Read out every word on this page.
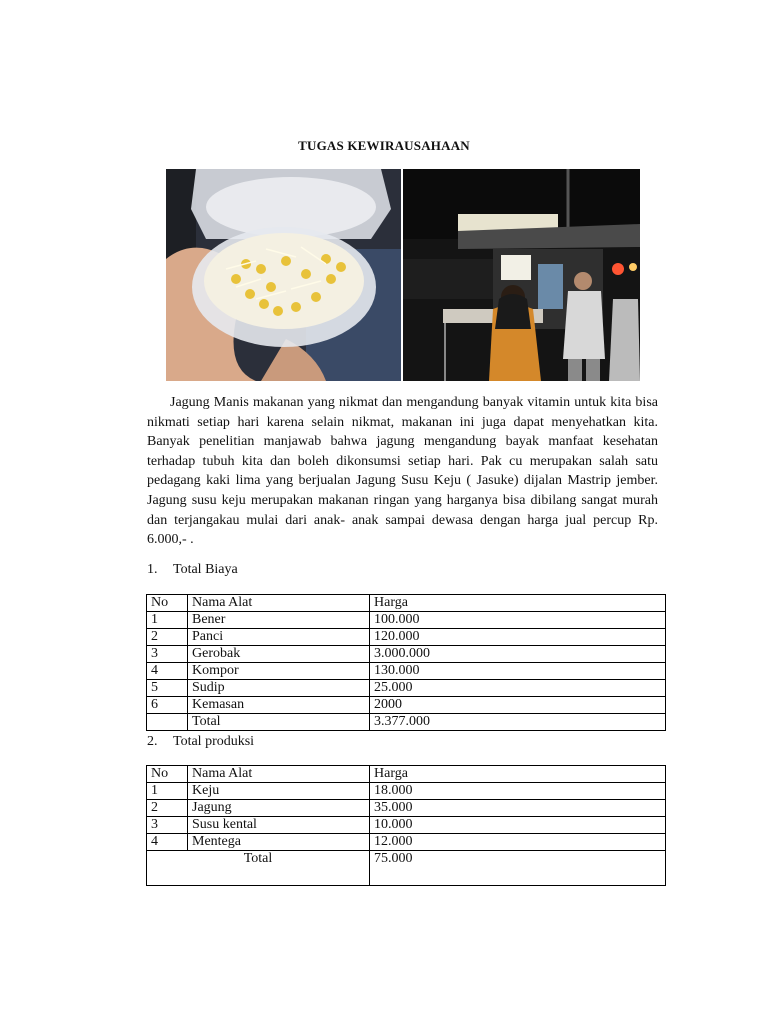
TUGAS KEWIRAUSAHAAN

Jagung Manis makanan yang nikmat dan mengandung banyak vitamin untuk kita bisa nikmati setiap hari karena selain nikmat, makanan ini juga dapat menyehatkan kita. Banyak penelitian manjawab bahwa jagung mengandung bayak manfaat kesehatan terhadap tubuh kita dan boleh dikonsumsi setiap hari. Pak cu merupakan salah satu pedagang kaki lima yang berjualan Jagung Susu Keju ( Jasuke) dijalan Mastrip jember. Jagung susu keju merupakan makanan ringan yang harganya bisa dibilang sangat murah dan terjangakau mulai dari anak- anak sampai dewasa dengan harga jual percup Rp. 6.000,- .

1. Total Biaya
No	Nama Alat	Harga
1	Bener	100.000
2	Panci	120.000
3	Gerobak	3.000.000
4	Kompor	130.000
5	Sudip	25.000
6	Kemasan	2000
	Total	3.377.000
2. Total produksi
No	Nama Alat	Harga
1	Keju	18.000
2	Jagung	35.000
3	Susu kental	10.000
4	Mentega	12.000
Total		75.000
